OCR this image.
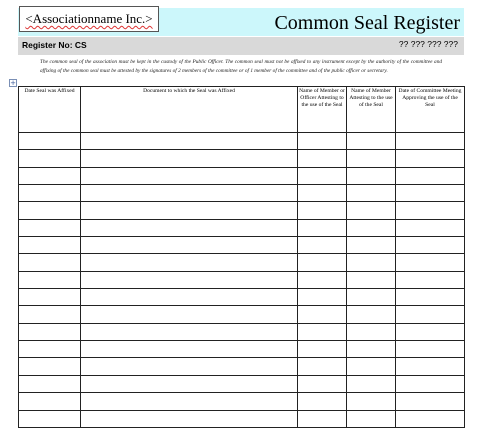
<Associationname Inc.>	Common Seal Register
Register No: CS	?? ??? ??? ???
The common seal of the association must be kept in the custody of the Public Officer. The common seal must not be affixed to any instrument except by the authority of the committee and affixing of the common seal must be attested by the signatures of 2 members of the committee or of 1 member of the committee and of the public officer or secretary.
+
Date Seal was Affixed	Document to which the Seal was Affixed	Name of Member or Officer Attesting to the use of the Seal	Name of Member Attesting to the use of the Seal	Date of Committee Meeting Approving the use of the Seal
